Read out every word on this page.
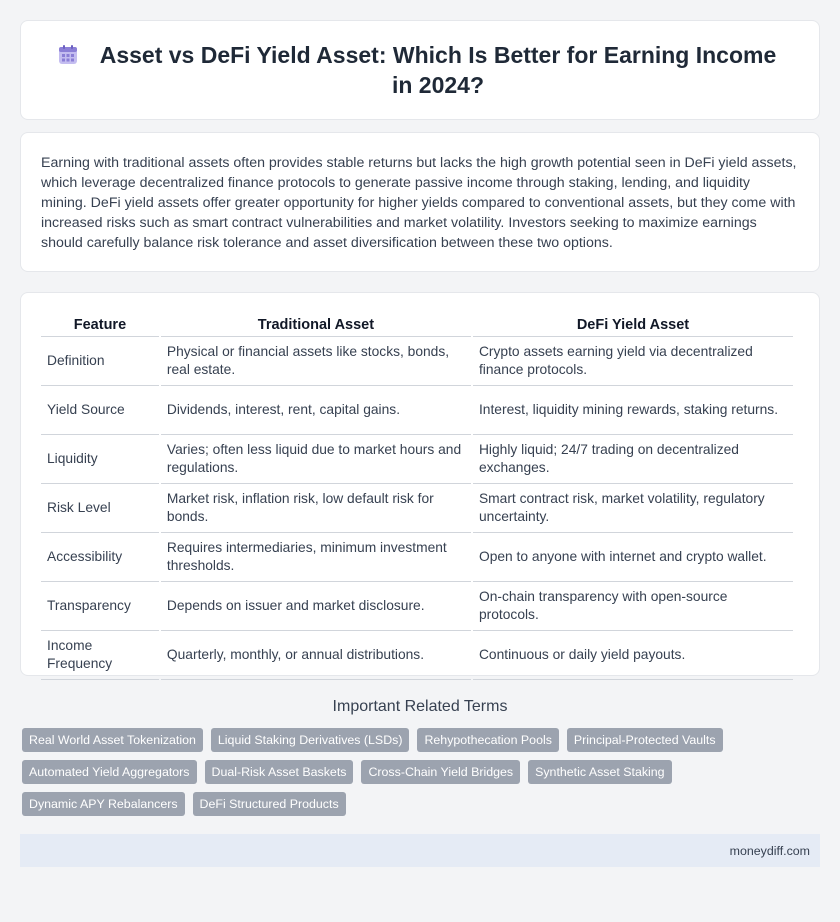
Asset vs DeFi Yield Asset: Which Is Better for Earning Income in 2024?

Earning with traditional assets often provides stable returns but lacks the high growth potential seen in DeFi yield assets, which leverage decentralized finance protocols to generate passive income through staking, lending, and liquidity mining. DeFi yield assets offer greater opportunity for higher yields compared to conventional assets, but they come with increased risks such as smart contract vulnerabilities and market volatility. Investors seeking to maximize earnings should carefully balance risk tolerance and asset diversification between these two options.

Feature	Traditional Asset	DeFi Yield Asset
Definition	Physical or financial assets like stocks, bonds, real estate.	Crypto assets earning yield via decentralized finance protocols.
Yield Source	Dividends, interest, rent, capital gains.	Interest, liquidity mining rewards, staking returns.
Liquidity	Varies; often less liquid due to market hours and regulations.	Highly liquid; 24/7 trading on decentralized exchanges.
Risk Level	Market risk, inflation risk, low default risk for bonds.	Smart contract risk, market volatility, regulatory uncertainty.
Accessibility	Requires intermediaries, minimum investment thresholds.	Open to anyone with internet and crypto wallet.
Transparency	Depends on issuer and market disclosure.	On-chain transparency with open-source protocols.
Income Frequency	Quarterly, monthly, or annual distributions.	Continuous or daily yield payouts.
Important Related Terms
Real World Asset Tokenization	Liquid Staking Derivatives (LSDs)	Rehypothecation Pools	Principal-Protected Vaults
Automated Yield Aggregators	Dual-Risk Asset Baskets	Cross-Chain Yield Bridges	Synthetic Asset Staking
Dynamic APY Rebalancers	DeFi Structured Products
moneydiff.com
